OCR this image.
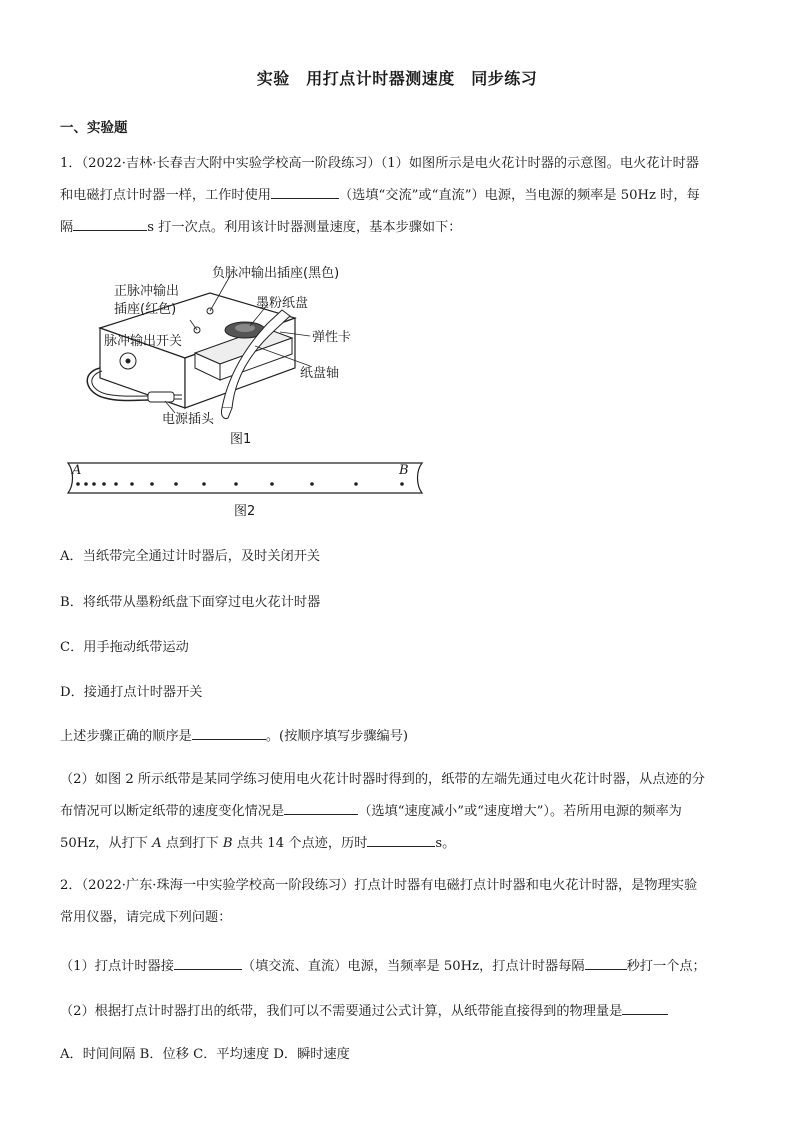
实验　用打点计时器测速度　同步练习
一、实验题
1．（2022·吉林·长春吉大附中实验学校高一阶段练习）（1）如图所示是电火花计时器的示意图。电火花计时器
和电磁打点计时器一样，工作时使用	（选填“交流”或“直流”）电源，当电源的频率是 50Hz 时，每
隔	s 打一次点。利用该计时器测量速度，基本步骤如下：
负脉冲输出插座(黑色)
正脉冲输出
插座(红色)	墨粉纸盘
弹性卡
脉冲输出开关
纸盘轴
电源插头
图1
A	B
图2
A．当纸带完全通过计时器后，及时关闭开关
B．将纸带从墨粉纸盘下面穿过电火花计时器
C．用手拖动纸带运动
D．接通打点计时器开关
上述步骤正确的顺序是	。(按顺序填写步骤编号)
（2）如图 2 所示纸带是某同学练习使用电火花计时器时得到的，纸带的左端先通过电火花计时器，从点迹的分
布情况可以断定纸带的速度变化情况是	（选填“速度减小”或“速度增大”）。若所用电源的频率为
50Hz，从打下 A 点到打下 B 点共 14 个点迹，历时	s。
2．（2022·广东·珠海一中实验学校高一阶段练习）打点计时器有电磁打点计时器和电火花计时器，是物理实验
常用仪器，请完成下列问题：
（1）打点计时器接	（填交流、直流）电源，当频率是 50Hz，打点计时器每隔	秒打一个点；
（2）根据打点计时器打出的纸带，我们可以不需要通过公式计算，从纸带能直接得到的物理量是
A．时间间隔 B．位移 C．平均速度 D．瞬时速度
